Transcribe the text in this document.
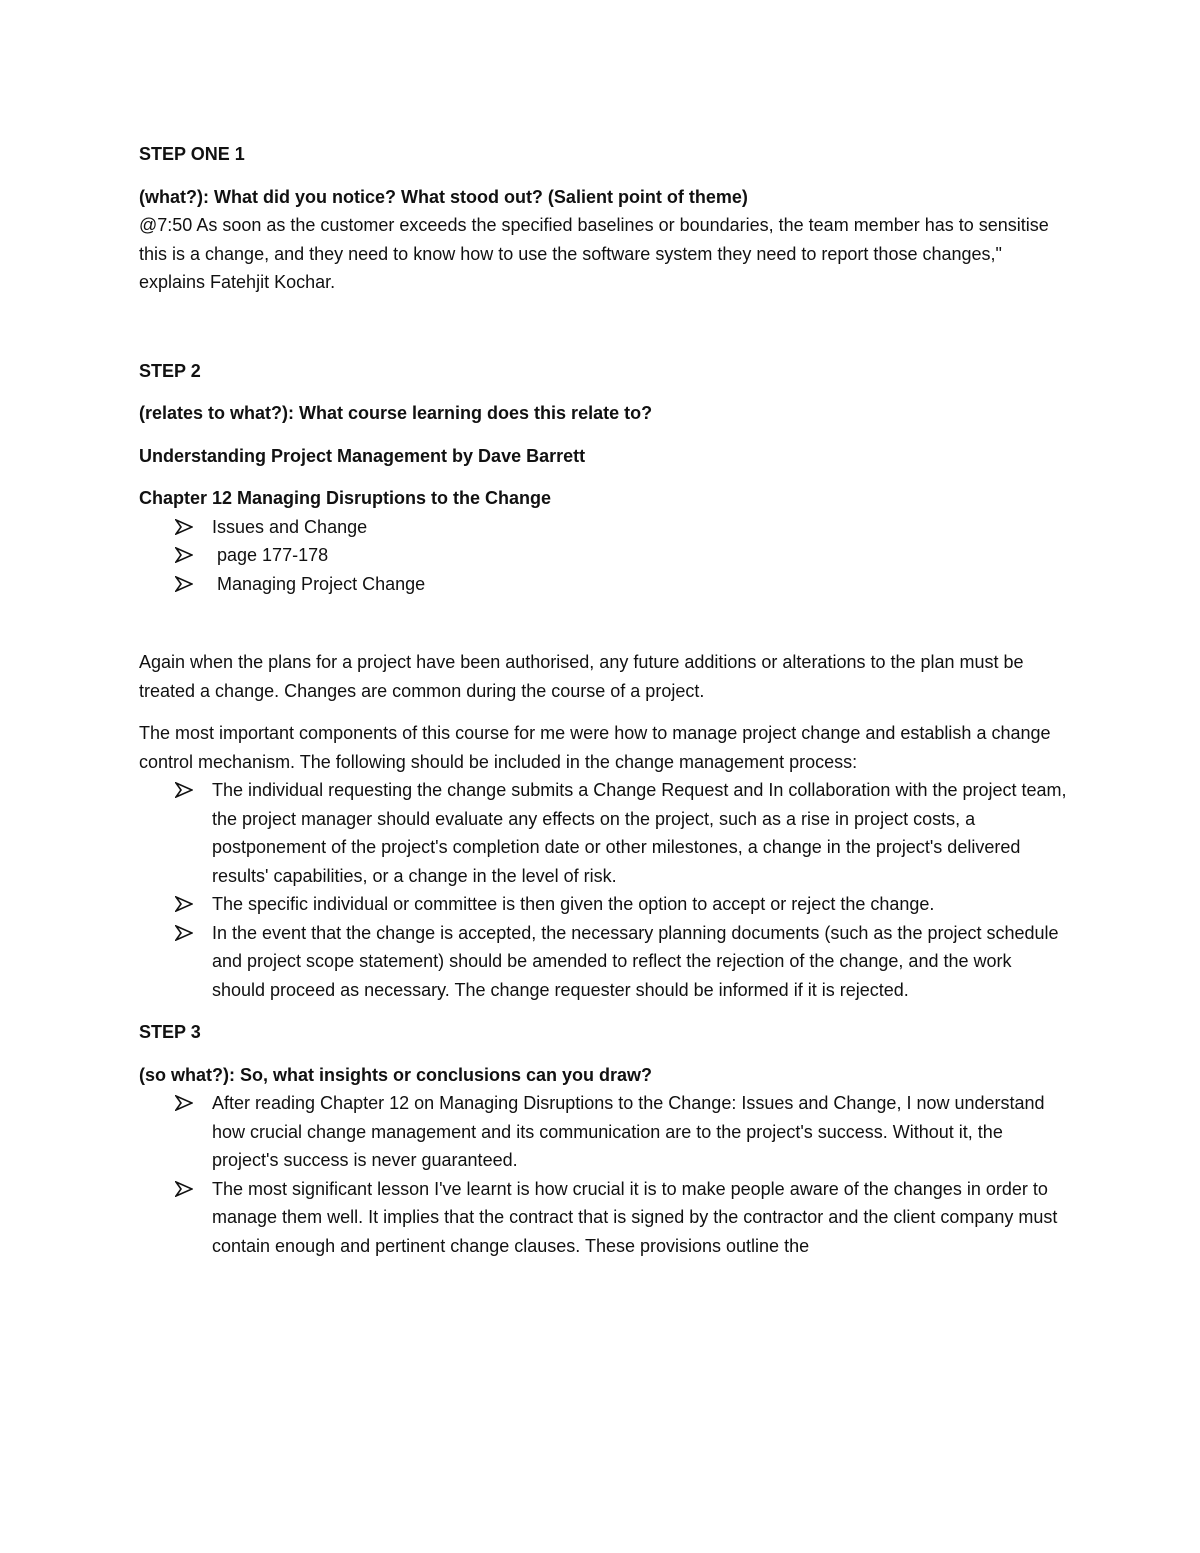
STEP ONE 1

(what?): What did you notice? What stood out? (Salient point of theme)

@7:50 As soon as the customer exceeds the specified baselines or boundaries, the team member has to sensitise this is a change, and they need to know how to use the software system they need to report those changes," explains Fatehjit Kochar.

STEP 2

(relates to what?): What course learning does this relate to?

Understanding Project Management by Dave Barrett

Chapter 12 Managing Disruptions to the Change

Issues and Change
page 177-178
Managing Project Change

Again when the plans for a project have been authorised, any future additions or alterations to the plan must be treated a change. Changes are common during the course of a project.

The most important components of this course for me were how to manage project change and establish a change control mechanism. The following should be included in the change management process:

The individual requesting the change submits a Change Request and In collaboration with the project team, the project manager should evaluate any effects on the project, such as a rise in project costs, a postponement of the project's completion date or other milestones, a change in the project's delivered results' capabilities, or a change in the level of risk.
The specific individual or committee is then given the option to accept or reject the change.
In the event that the change is accepted, the necessary planning documents (such as the project schedule and project scope statement) should be amended to reflect the rejection of the change, and the work should proceed as necessary. The change requester should be informed if it is rejected.

STEP 3

(so what?): So, what insights or conclusions can you draw?

After reading Chapter 12 on Managing Disruptions to the Change: Issues and Change, I now understand how crucial change management and its communication are to the project's success. Without it, the project's success is never guaranteed.
The most significant lesson I've learnt is how crucial it is to make people aware of the changes in order to manage them well. It implies that the contract that is signed by the contractor and the client company must contain enough and pertinent change clauses. These provisions outline the
